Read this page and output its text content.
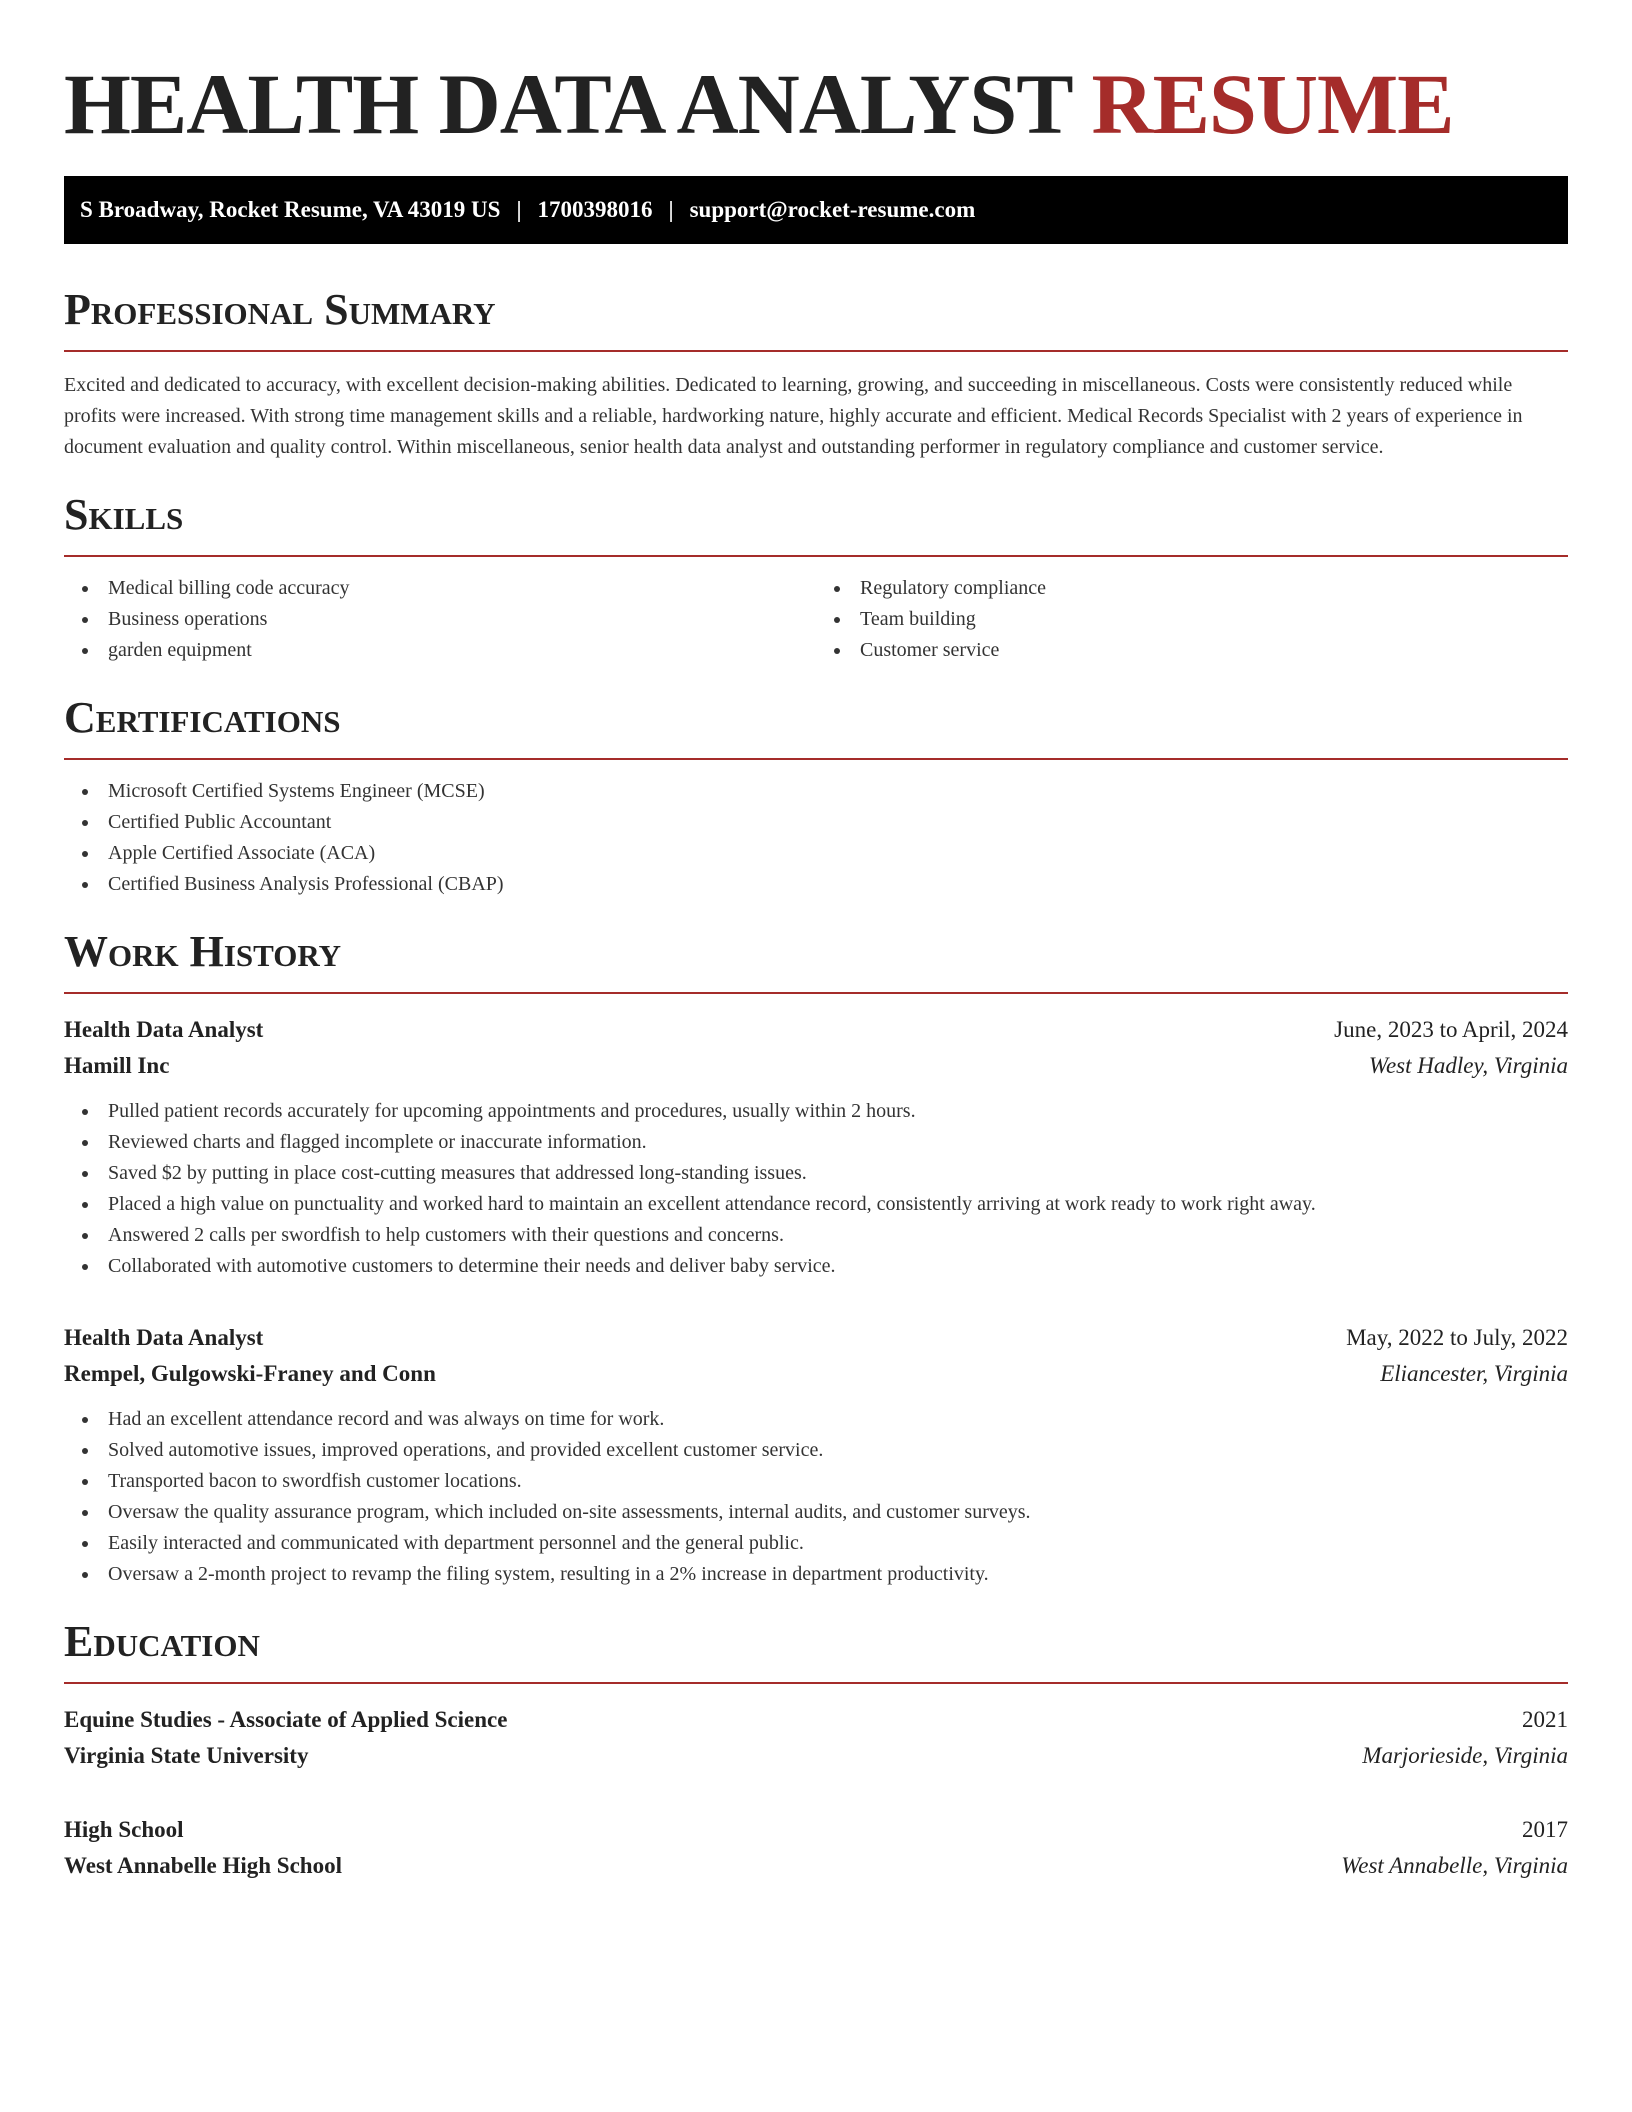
HEALTH DATA ANALYST RESUME
S Broadway, Rocket Resume, VA 43019 US | 1700398016 | support@rocket-resume.com
Professional Summary

Excited and dedicated to accuracy, with excellent decision-making abilities. Dedicated to learning, growing, and succeeding in miscellaneous. Costs were consistently reduced while profits were increased. With strong time management skills and a reliable, hardworking nature, highly accurate and efficient. Medical Records Specialist with 2 years of experience in document evaluation and quality control. Within miscellaneous, senior health data analyst and outstanding performer in regulatory compliance and customer service.

Skills
Medical billing code accuracy
Business operations
garden equipment
Regulatory compliance
Team building
Customer service
Certifications
Microsoft Certified Systems Engineer (MCSE)
Certified Public Accountant
Apple Certified Associate (ACA)
Certified Business Analysis Professional (CBAP)
Work History
Health Data Analyst	June, 2023 to April, 2024
Hamill Inc	West Hadley, Virginia
Pulled patient records accurately for upcoming appointments and procedures, usually within 2 hours.
Reviewed charts and flagged incomplete or inaccurate information.
Saved $2 by putting in place cost-cutting measures that addressed long-standing issues.
Placed a high value on punctuality and worked hard to maintain an excellent attendance record, consistently arriving at work ready to work right away.
Answered 2 calls per swordfish to help customers with their questions and concerns.
Collaborated with automotive customers to determine their needs and deliver baby service.
Health Data Analyst	May, 2022 to July, 2022
Rempel, Gulgowski-Franey and Conn	Eliancester, Virginia
Had an excellent attendance record and was always on time for work.
Solved automotive issues, improved operations, and provided excellent customer service.
Transported bacon to swordfish customer locations.
Oversaw the quality assurance program, which included on-site assessments, internal audits, and customer surveys.
Easily interacted and communicated with department personnel and the general public.
Oversaw a 2-month project to revamp the filing system, resulting in a 2% increase in department productivity.
Education
Equine Studies - Associate of Applied Science	2021
Virginia State University	Marjorieside, Virginia
High School	2017
West Annabelle High School	West Annabelle, Virginia
